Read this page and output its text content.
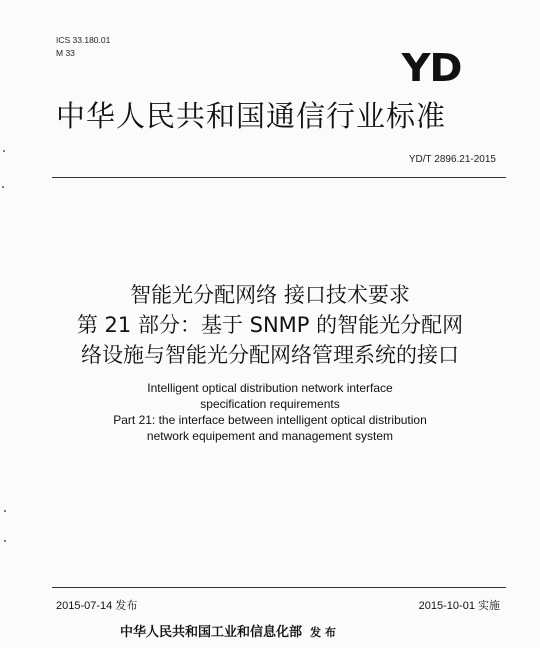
ICS 33.180.01
M 33	YD
中华人民共和国通信行业标准
YD/T 2896.21-2015
智能光分配网络 接口技术要求
第 21 部分：基于 SNMP 的智能光分配网
络设施与智能光分配网络管理系统的接口
Intelligent optical distribution network interface
specification requirements
Part 21: the interface between intelligent optical distribution
network equipement and management system
2015-07-14 发布	2015-10-01 实施
中华人民共和国工业和信息化部 发 布
